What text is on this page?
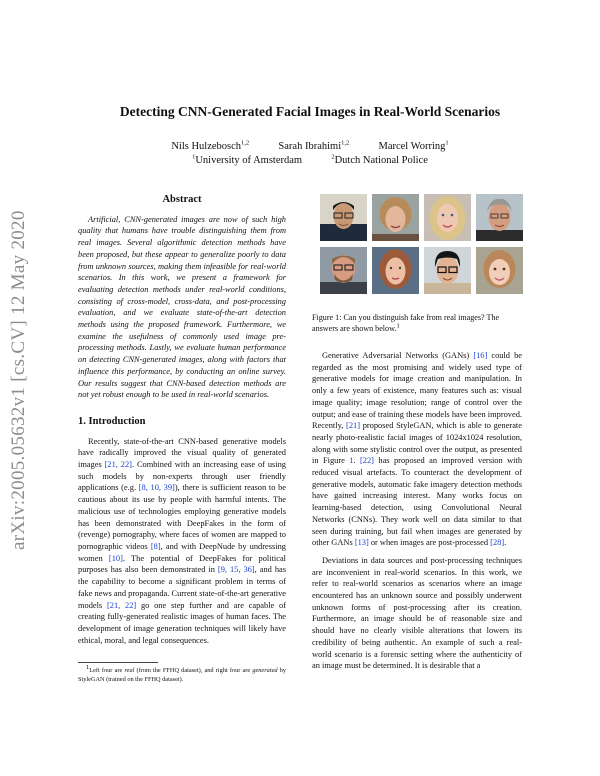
arXiv:2005.05632v1 [cs.CV] 12 May 2020
Detecting CNN-Generated Facial Images in Real-World Scenarios
Nils Hulzebosch$^{1,2}$	Sarah Ibrahimi$^{1,2}$	Marcel Worring$^1$
$^1$University of Amsterdam	$^2$Dutch National Police
Abstract

Artificial, CNN-generated images are now of such high quality that humans have trouble distinguishing them from real images. Several algorithmic detection methods have been proposed, but these appear to generalize poorly to data from unknown sources, making them infeasible for real-world scenarios. In this work, we present a framework for evaluating detection methods under real-world conditions, consisting of cross-model, cross-data, and post-processing evaluation, and we evaluate state-of-the-art detection methods using the proposed framework. Furthermore, we examine the usefulness of commonly used image pre-processing methods. Lastly, we evaluate human performance on detecting CNN-generated images, along with factors that influence this performance, by conducting an online survey. Our results suggest that CNN-based detection methods are not yet robust enough to be used in real-world scenarios.

1. Introduction

Recently, state-of-the-art CNN-based generative models have radically improved the visual quality of generated images [21, 22]. Combined with an increasing ease of using such models by non-experts through user friendly applications (e.g. [8, 10, 39]), there is sufficient reason to be cautious about its use by people with harmful intents. The malicious use of technologies employing generative models has been demonstrated with DeepFakes in the form of (revenge) pornography, where faces of women are mapped to pornographic videos [8], and with DeepNude by undressing women [10]. The potential of DeepFakes for political purposes has also been demonstrated in [9, 15, 36], and has the capability to become a significant problem in terms of fake news and propaganda. Current state-of-the-art generative models [21, 22] go one step further and are capable of creating fully-generated realistic images of human faces. The development of image generation techniques will likely have ethical, moral, and legal consequences.

$^1$Left four are real (from the FFHQ dataset), and right four are generated by StyleGAN (trained on the FFHQ dataset).
Figure 1: Can you distinguish fake from real images? The answers are shown below.$^1$

Generative Adversarial Networks (GANs) [16] could be regarded as the most promising and widely used type of generative models for image creation and manipulation. In only a few years of existence, many features such as: visual image quality; image resolution; range of control over the output; and ease of training these models have been improved. Recently, [21] proposed StyleGAN, which is able to generate nearly photo-realistic facial images of 1024x1024 resolution, along with some stylistic control over the output, as presented in Figure 1. [22] has proposed an improved version with reduced visual artefacts. To counteract the development of generative models, automatic fake imagery detection methods have gained increasing interest. Many works focus on learning-based detection, using Convolutional Neural Networks (CNNs). They work well on data similar to that seen during training, but fail when images are generated by other GANs [13] or when images are post-processed [28].

Deviations in data sources and post-processing techniques are inconvenient in real-world scenarios. In this work, we refer to real-world scenarios as scenarios where an image encountered has an unknown source and possibly underwent unknown forms of post-processing after its creation. Furthermore, an image should be of reasonable size and should have no clearly visible alterations that lowers its credibility of being authentic. An example of such a real-world scenario is a forensic setting where the authenticity of an image must be determined. It is desirable that a
